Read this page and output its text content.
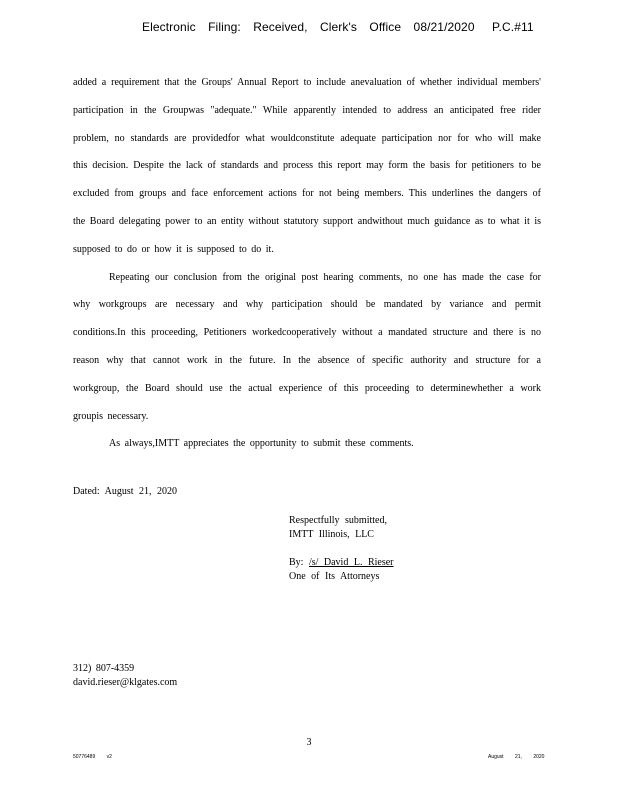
Electronic Filing: Received, Clerk's Office 08/21/2020 P.C.#11

added a requirement that the Groups' Annual Report to include anevaluation of whether individual members' participation in the Groupwas "adequate." While apparently intended to address an anticipated free rider problem, no standards are providedfor what wouldconstitute adequate participation nor for who will make this decision. Despite the lack of standards and process this report may form the basis for petitioners to be excluded from groups and face enforcement actions for not being members. This underlines the dangers of the Board delegating power to an entity without statutory support andwithout much guidance as to what it is supposed to do or how it is supposed to do it.

Repeating our conclusion from the original post hearing comments, no one has made the case for why workgroups are necessary and why participation should be mandated by variance and permit conditions.In this proceeding, Petitioners workedcooperatively without a mandated structure and there is no reason why that cannot work in the future. In the absence of specific authority and structure for a workgroup, the Board should use the actual experience of this proceeding to determinewhether a work groupis necessary.

As always,IMTT appreciates the opportunity to submit these comments.

Dated: August 21, 2020
Respectfully submitted,
IMTT Illinois, LLC
By: /s/ David L. Rieser
One of Its Attorneys
312) 807-4359
david.rieser@klgates.com
3
50776489 v2	August 21, 2020
